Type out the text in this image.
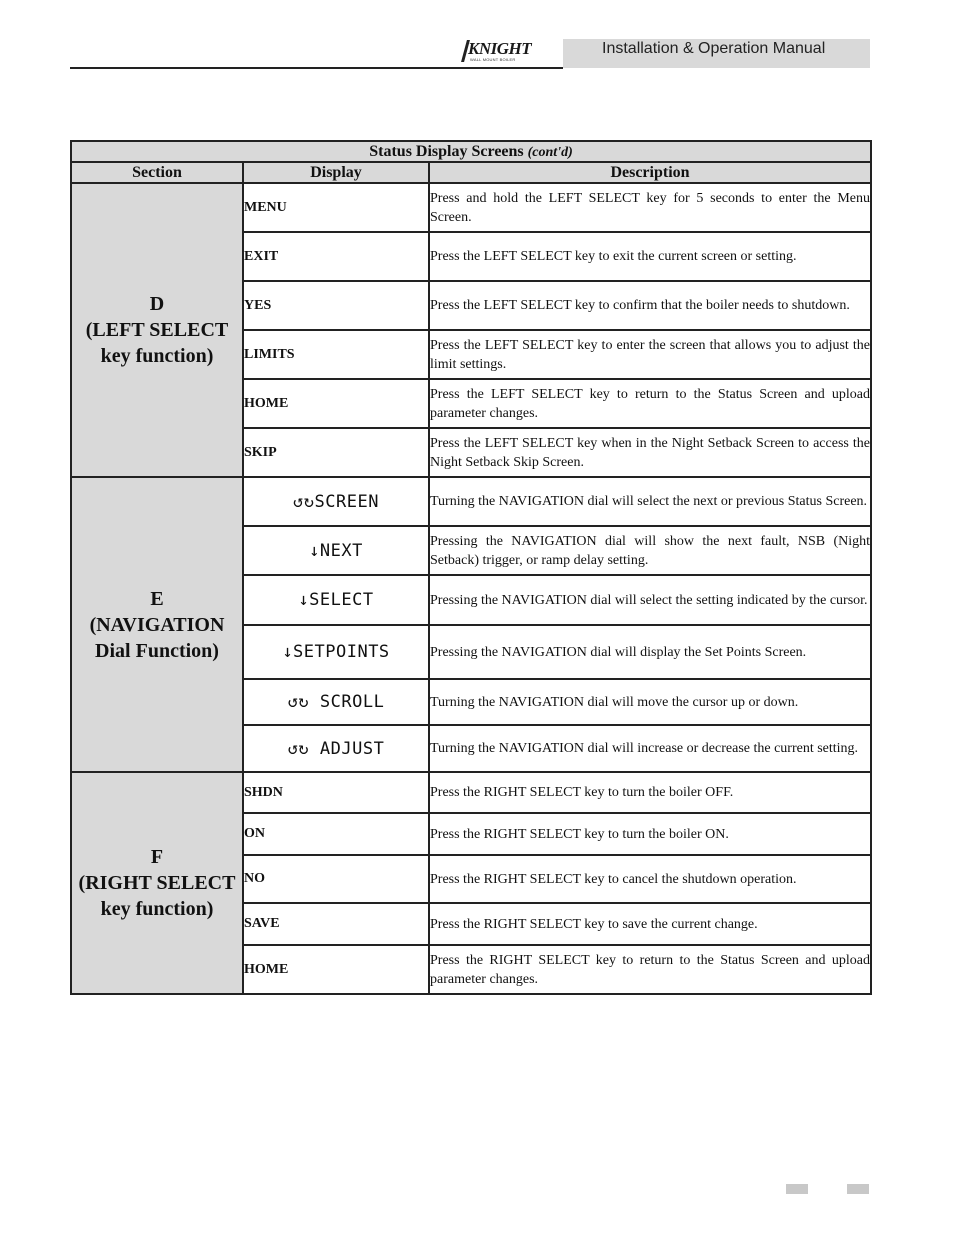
KNIGHT
WALL MOUNT BOILER
Installation & Operation Manual
Status Display Screens (cont'd)		
Section	Display	Description

D
(LEFT SELECT
key function)	MENU	Press and hold the LEFT SELECT key for 5 seconds to enter the Menu Screen.
	EXIT	Press the LEFT SELECT key to exit the current screen or setting.
	YES	Press the LEFT SELECT key to confirm that the boiler needs to shutdown.
	LIMITS	Press the LEFT SELECT key to enter the screen that allows you to adjust the limit settings.
	HOME	Press the LEFT SELECT key to return to the Status Screen and upload parameter changes.
	SKIP	Press the LEFT SELECT key when in the Night Setback Screen to access the Night Setback Skip Screen.

E
(NAVIGATION
Dial Function)	↺↻SCREEN	Turning the NAVIGATION dial will select the next or previous Status Screen.
	↓NEXT	Pressing the NAVIGATION dial will show the next fault, NSB (Night Setback) trigger, or ramp delay setting.
	↓SELECT	Pressing the NAVIGATION dial will select the setting indicated by the cursor.
	↓SETPOINTS	Pressing the NAVIGATION dial will display the Set Points Screen.
	↺↻ SCROLL	Turning the NAVIGATION dial will move the cursor up or down.
	↺↻ ADJUST	Turning the NAVIGATION dial will increase or decrease the current setting.

F
(RIGHT SELECT
key function)	SHDN	Press the RIGHT SELECT key to turn the boiler OFF.
	ON	Press the RIGHT SELECT key to turn the boiler ON.
	NO	Press the RIGHT SELECT key to cancel the shutdown operation.
	SAVE	Press the RIGHT SELECT key to save the current change.
	HOME	Press the RIGHT SELECT key to return to the Status Screen and upload parameter changes.
